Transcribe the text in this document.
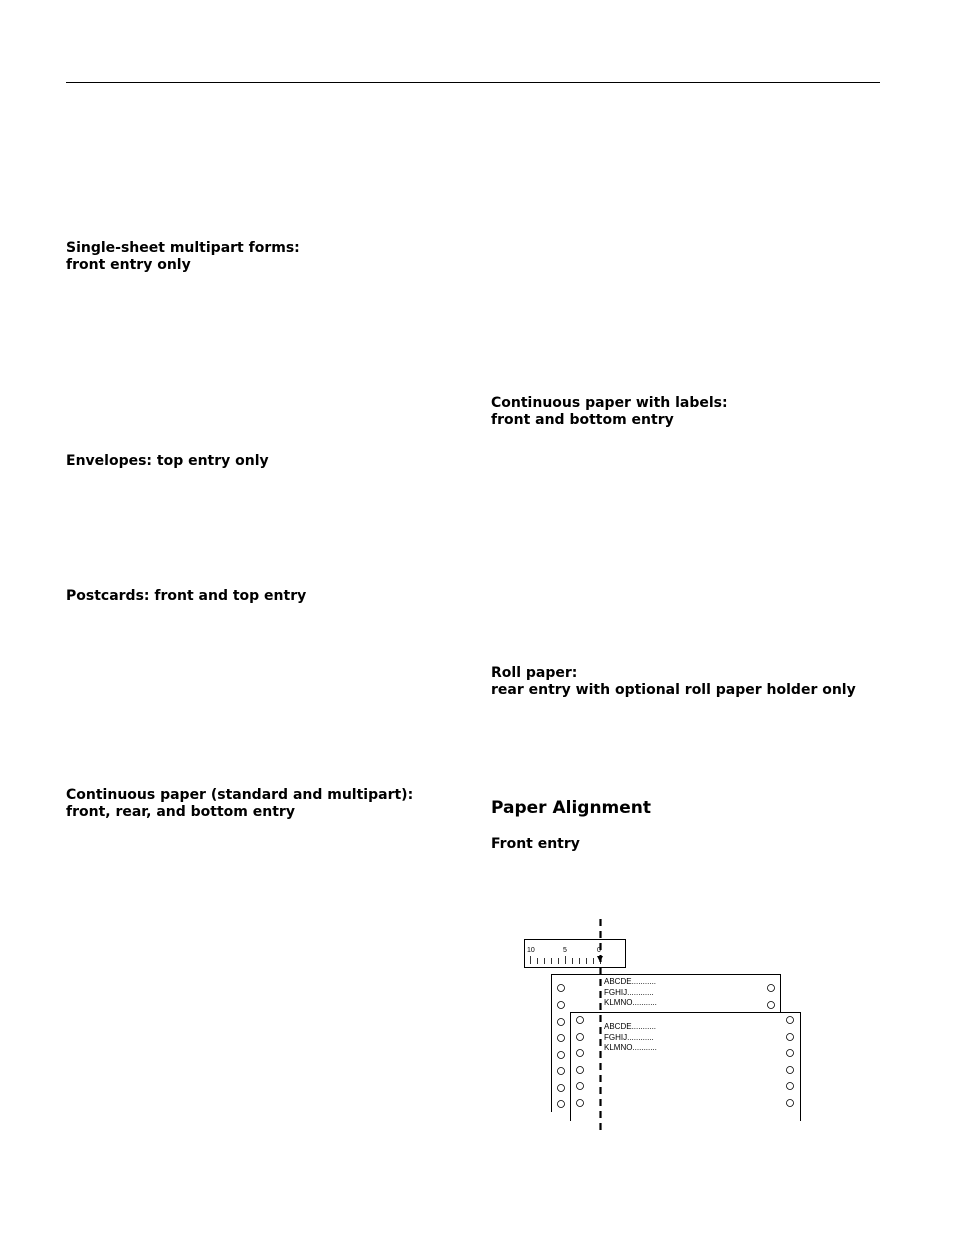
Single-sheet multipart forms:
front entry only
Envelopes: top entry only
Postcards: front and top entry
Continuous paper (standard and multipart):
front, rear, and bottom entry
Continuous paper with labels:
front and bottom entry
Roll paper:
rear entry with optional roll paper holder only
Paper Alignment
Front entry
10	5	0
ABCDE...........
FGHIJ............
KLMNO...........
ABCDE...........
FGHIJ............
KLMNO...........
